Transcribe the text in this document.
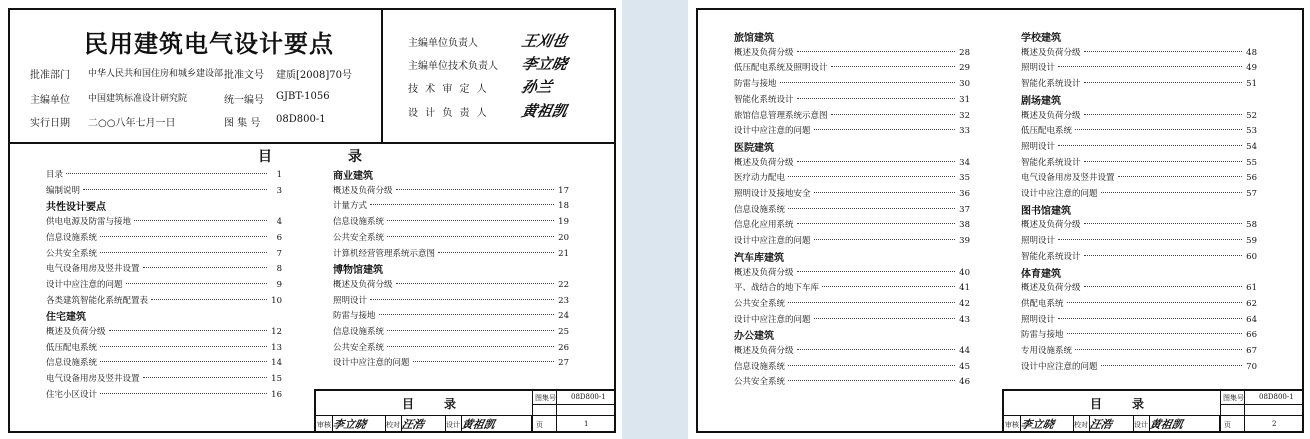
民用建筑电气设计要点
批准部门 中华人民共和国住房和城乡建设部 批准文号 建质[2008]70号
主编单位 中国建筑标准设计研究院	统一编号 GJBT-1056
实行日期 二○○八年七月一日	图 集 号 08D800-1
主编单位负责人	王刈也
主编单位技术负责人 李立晓
技 术 审 定 人 孙兰
设 计 负 责 人 黄祖凯
目	录
目录	1
编制说明	3
共性设计要点
供电电源及防雷与接地	4
信息设施系统	6
公共安全系统	7
电气设备用房及竖井设置	8
设计中应注意的问题	9
各类建筑智能化系统配置表	10
住宅建筑
概述及负荷分级	12
低压配电系统	13
信息设施系统	14
电气设备用房及竖井设置	15
住宅小区设计	16
商业建筑
概述及负荷分级	17
计量方式	18
信息设施系统	19
公共安全系统	20
计算机经营管理系统示意图	21
博物馆建筑
概述及负荷分级	22
照明设计	23
防雷与接地	24
信息设施系统	25
公共安全系统	26
设计中应注意的问题	27
目 录	图集号 08D800-1
审核 李立晓	校对 汪浩	设计 黄祖凯	页	1
旅馆建筑
概述及负荷分级	28
低压配电系统及照明设计	29
防雷与接地	30
智能化系统设计	31
旅馆信息管理系统示意图	32
设计中应注意的问题	33
医院建筑
概述及负荷分级	34
医疗动力配电	35
照明设计及接地安全	36
信息设施系统	37
信息化应用系统	38
设计中应注意的问题	39
汽车库建筑
概述及负荷分级	40
平、战结合的地下车库	41
公共安全系统	42
设计中应注意的问题	43
办公建筑
概述及负荷分级	44
信息设施系统	45
公共安全系统	46
学校建筑
概述及负荷分级	48
照明设计	49
智能化系统设计	51
剧场建筑
概述及负荷分级	52
低压配电系统	53
照明设计	54
智能化系统设计	55
电气设备用房及竖井设置	56
设计中应注意的问题	57
图书馆建筑
概述及负荷分级	58
照明设计	59
智能化系统设计	60
体育建筑
概述及负荷分级	61
供配电系统	62
照明设计	64
防雷与接地	66
专用设施系统	67
设计中应注意的问题	70
目 录	图集号 08D800-1
审核 李立晓	校对 汪浩	设计 黄祖凯	页	2
